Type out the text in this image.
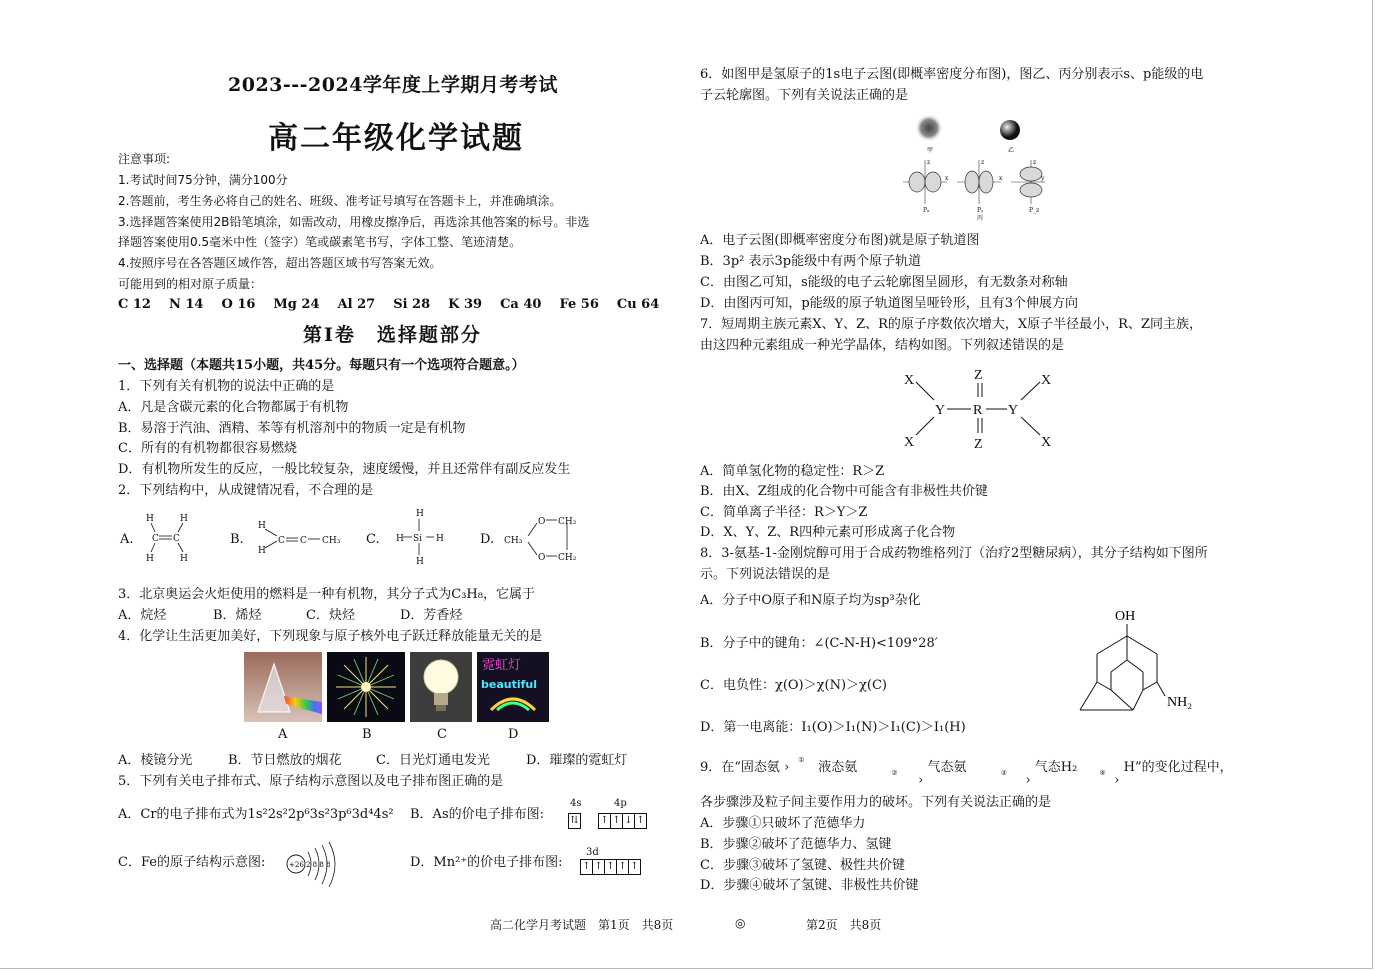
2023---2024学年度上学期月考考试
高二年级化学试题
注意事项:
1.考试时间75分钟，满分100分
2.答题前，考生务必将自己的姓名、班级、准考证号填写在答题卡上，并准确填涂。
3.选择题答案使用2B铅笔填涂，如需改动，用橡皮擦净后，再选涂其他答案的标号。非选
择题答案使用0.5毫米中性（签字）笔或碳素笔书写，字体工整、笔迹清楚。
4.按照序号在各答题区域作答，超出答题区域书写答案无效。
可能用到的相对原子质量：
C 12 N 14 O 16 Mg 24 Al 27 Si 28 K 39 Ca 40 Fe 56 Cu 64
第Ⅰ卷　选择题部分
一、选择题（本题共15小题，共45分。每题只有一个选项符合题意。）
1．下列有关有机物的说法中正确的是
A．凡是含碳元素的化合物都属于有机物
B．易溶于汽油、酒精、苯等有机溶剂中的物质一定是有机物
C．所有的有机物都很容易燃烧
D．有机物所发生的反应，一般比较复杂，速度缓慢，并且还常伴有副反应发生
2．下列结构中，从成键情况看，不合理的是
A.
H	H
C C
H	H
B.
H
H
C C CH₃ C.
H
H Si H
H
D. CH₃
O
O
CH₂
CH₂
3．北京奥运会火炬使用的燃料是一种有机物，其分子式为C₃H₈，它属于
A．烷烃	B．烯烃	C．炔烃	D．芳香烃
4．化学让生活更加美好，下列现象与原子核外电子跃迁释放能量无关的是
霓虹灯
beautiful
A	B	C	D
A．棱镜分光	B．节日燃放的烟花	C．日光灯通电发光	D．璀璨的霓虹灯
5．下列有关电子排布式、原子结构示意图以及电子排布图正确的是
A．Cr的电子排布式为1s²2s²2p⁶3s²3p⁶3d⁴4s² B．As的价电子排布图:
4s	4p
⇅ ↑ ↑ ↓ ↑
C．Fe的原子结构示意图:	+26 2 8 8 8	D．Mn²⁺的价电子排布图:
3d
↑ ↑ ↑ ↑ ↑
6．如图甲是氢原子的1s电子云图(即概率密度分布图)，图乙、丙分别表示s、p能级的电
子云轮廓图。下列有关说法正确的是
甲	乙
Pₓ	Pᵧ
丙
P_z
x
z
x
z
y
z
A．电子云图(即概率密度分布图)就是原子轨道图
B．3p² 表示3p能级中有两个原子轨道
C．由图乙可知，s能级的电子云轮廓图呈圆形，有无数条对称轴
D．由图丙可知，p能级的原子轨道图呈哑铃形，且有3个伸展方向
7．短周期主族元素X、Y、Z、R的原子序数依次增大，X原子半径最小，R、Z同主族，
由这四种元素组成一种光学晶体，结构如图。下列叙述错误的是
X	X
X	X
Y	Y
R
Z
Z
A．简单氢化物的稳定性：R＞Z
B．由X、Z组成的化合物中可能含有非极性共价键
C．简单离子半径：R＞Y＞Z
D．X、Y、Z、R四种元素可形成离子化合物
8．3-氨基-1-金刚烷醇可用于合成药物维格列汀（治疗2型糖尿病），其分子结构如下图所
示。下列说法错误的是
A．分子中O原子和N原子均为sp³杂化
B．分子中的键角：∠(C-N-H)<109°28′
C．电负性：χ(O)＞χ(N)＞χ(C)
D．第一电离能：I₁(O)＞I₁(N)＞I₁(C)＞I₁(H)
OH
NH₂
9．在“固态氨	①
› 液态氨	② ›
气态氨	③ ›
气态H₂	④ ›
H”的变化过程中，
各步骤涉及粒子间主要作用力的破坏。下列有关说法正确的是
A．步骤①只破坏了范德华力
B．步骤②破坏了范德华力、氢键
C．步骤③破坏了氢键、极性共价键
D．步骤④破坏了氢键、非极性共价键
高二化学月考试题　第1页　共8页	◎	第2页　共8页
